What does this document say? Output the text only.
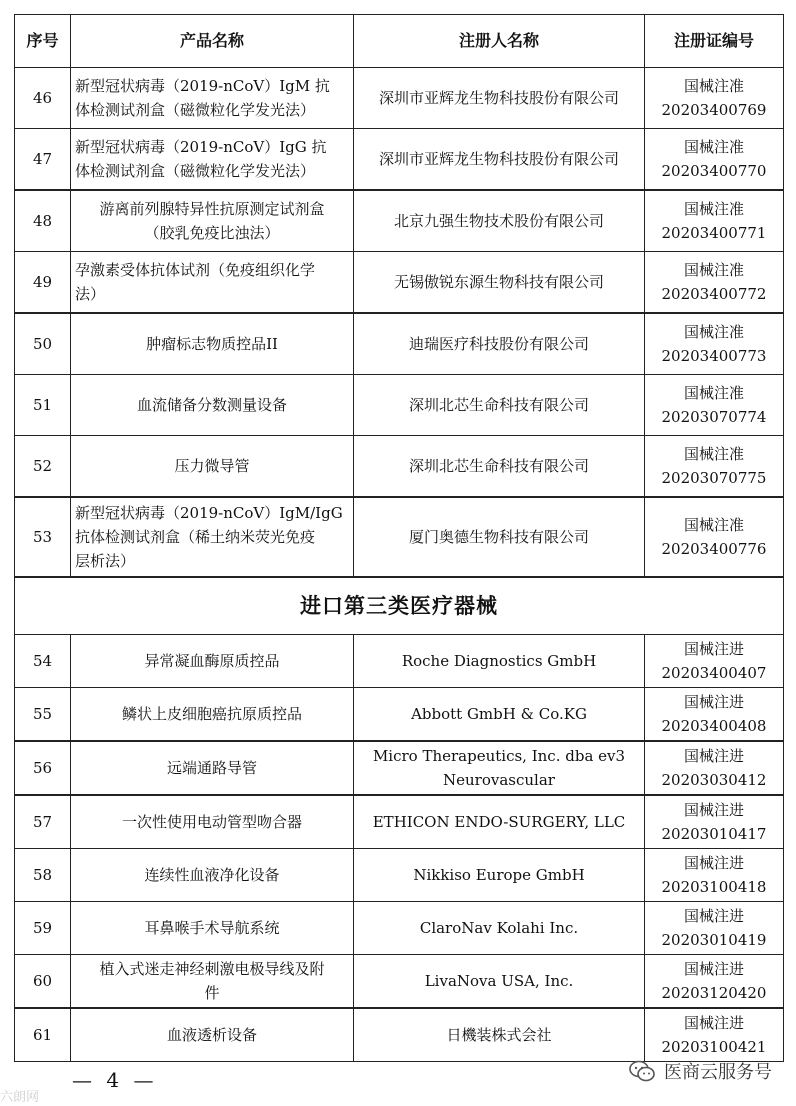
序号	产品名称	注册人名称	注册证编号
46	新型冠状病毒（2019-nCoV）IgM 抗
体检测试剂盒（磁微粒化学发光法）	深圳市亚辉龙生物科技股份有限公司	国械注准
20203400769

47	新型冠状病毒（2019-nCoV）IgG 抗
体检测试剂盒（磁微粒化学发光法）	深圳市亚辉龙生物科技股份有限公司	国械注准
20203400770

48	游离前列腺特异性抗原测定试剂盒
（胶乳免疫比浊法）	北京九强生物技术股份有限公司	国械注准
20203400771

49	孕激素受体抗体试剂（免疫组织化学
法）	无锡傲锐东源生物科技有限公司	国械注准
20203400772

50	肿瘤标志物质控品II	迪瑞医疗科技股份有限公司	国械注准
20203400773

51	血流储备分数测量设备	深圳北芯生命科技有限公司	国械注准
20203070774

52	压力微导管	深圳北芯生命科技有限公司	国械注准
20203070775

53	新型冠状病毒（2019-nCoV）IgM/IgG
抗体检测试剂盒（稀土纳米荧光免疫
层析法）	厦门奥德生物科技有限公司	国械注准
20203400776

进口第三类医疗器械			
54	异常凝血酶原质控品	Roche Diagnostics GmbH	国械注进
20203400407

55	鳞状上皮细胞癌抗原质控品	Abbott GmbH & Co.KG	国械注进
20203400408

56	远端通路导管	Micro Therapeutics, Inc. dba ev3
Neurovascular	国械注进
20203030412

57	一次性使用电动管型吻合器	ETHICON ENDO-SURGERY, LLC	国械注进
20203010417

58	连续性血液净化设备	Nikkiso Europe GmbH	国械注进
20203100418

59	耳鼻喉手术导航系统	ClaroNav Kolahi Inc.	国械注进
20203010419

60	植入式迷走神经刺激电极导线及附
件	LivaNova USA, Inc.	国械注进
20203120420

61	血液透析设备	日機装株式会社	国械注进
20203100421
— 4 —
六朗网
医商云服务号
